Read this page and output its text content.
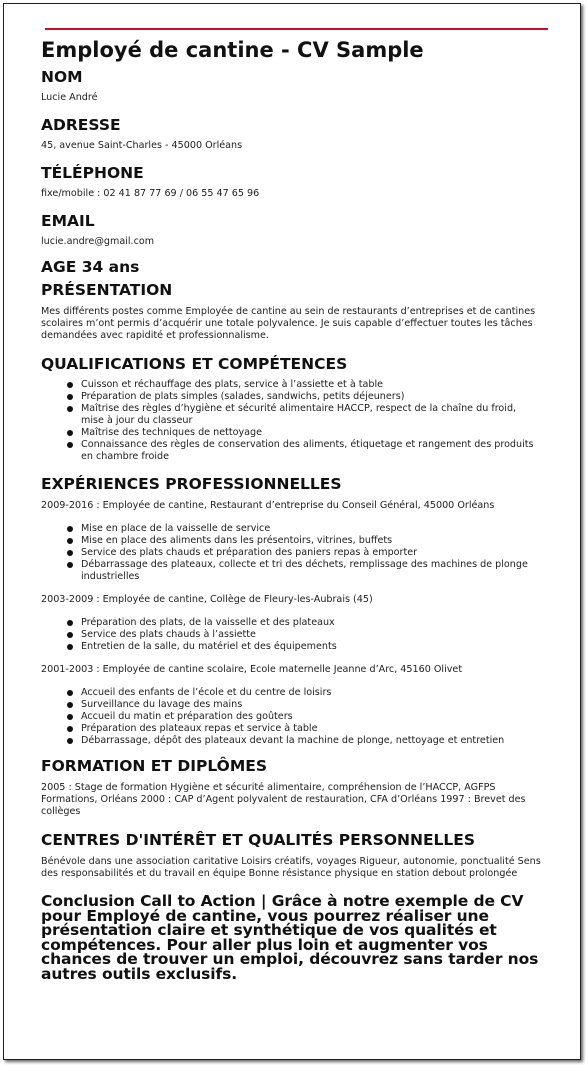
Employé de cantine - CV Sample
NOM

Lucie André

ADRESSE

45, avenue Saint-Charles - 45000 Orléans

TÉLÉPHONE

fixe/mobile : 02 41 87 77 69 / 06 55 47 65 96

EMAIL

lucie.andre@gmail.com

AGE 34 ans
PRÉSENTATION

Mes différents postes comme Employée de cantine au sein de restaurants d’entreprises et de cantines scolaires m’ont permis d’acquérir une totale polyvalence. Je suis capable d’effectuer toutes les tâches demandées avec rapidité et professionnalisme.

QUALIFICATIONS ET COMPÉTENCES
Cuisson et réchauffage des plats, service à l’assiette et à table
Préparation de plats simples (salades, sandwichs, petits déjeuners)
Maîtrise des règles d’hygiène et sécurité alimentaire HACCP, respect de la chaîne du froid, mise à jour du classeur
Maîtrise des techniques de nettoyage
Connaissance des règles de conservation des aliments, étiquetage et rangement des produits en chambre froide
EXPÉRIENCES PROFESSIONNELLES

2009-2016 : Employée de cantine, Restaurant d’entreprise du Conseil Général, 45000 Orléans

Mise en place de la vaisselle de service
Mise en place des aliments dans les présentoirs, vitrines, buffets
Service des plats chauds et préparation des paniers repas à emporter
Débarrassage des plateaux, collecte et tri des déchets, remplissage des machines de plonge industrielles

2003-2009 : Employée de cantine, Collège de Fleury-les-Aubrais (45)

Préparation des plats, de la vaisselle et des plateaux
Service des plats chauds à l’assiette
Entretien de la salle, du matériel et des équipements

2001-2003 : Employée de cantine scolaire, Ecole maternelle Jeanne d’Arc, 45160 Olivet

Accueil des enfants de l’école et du centre de loisirs
Surveillance du lavage des mains
Accueil du matin et préparation des goûters
Préparation des plateaux repas et service à table
Débarrassage, dépôt des plateaux devant la machine de plonge, nettoyage et entretien
FORMATION ET DIPLÔMES

2005 : Stage de formation Hygiène et sécurité alimentaire, compréhension de l’HACCP, AGFPS Formations, Orléans 2000 : CAP d’Agent polyvalent de restauration, CFA d’Orléans 1997 : Brevet des collèges

CENTRES D'INTÉRÊT ET QUALITÉS PERSONNELLES

Bénévole dans une association caritative Loisirs créatifs, voyages Rigueur, autonomie, ponctualité Sens des responsabilités et du travail en équipe Bonne résistance physique en station debout prolongée

Conclusion Call to Action | Grâce à notre exemple de CV pour Employé de cantine, vous pourrez réaliser une présentation claire et synthétique de vos qualités et compétences. Pour aller plus loin et augmenter vos chances de trouver un emploi, découvrez sans tarder nos autres outils exclusifs.
